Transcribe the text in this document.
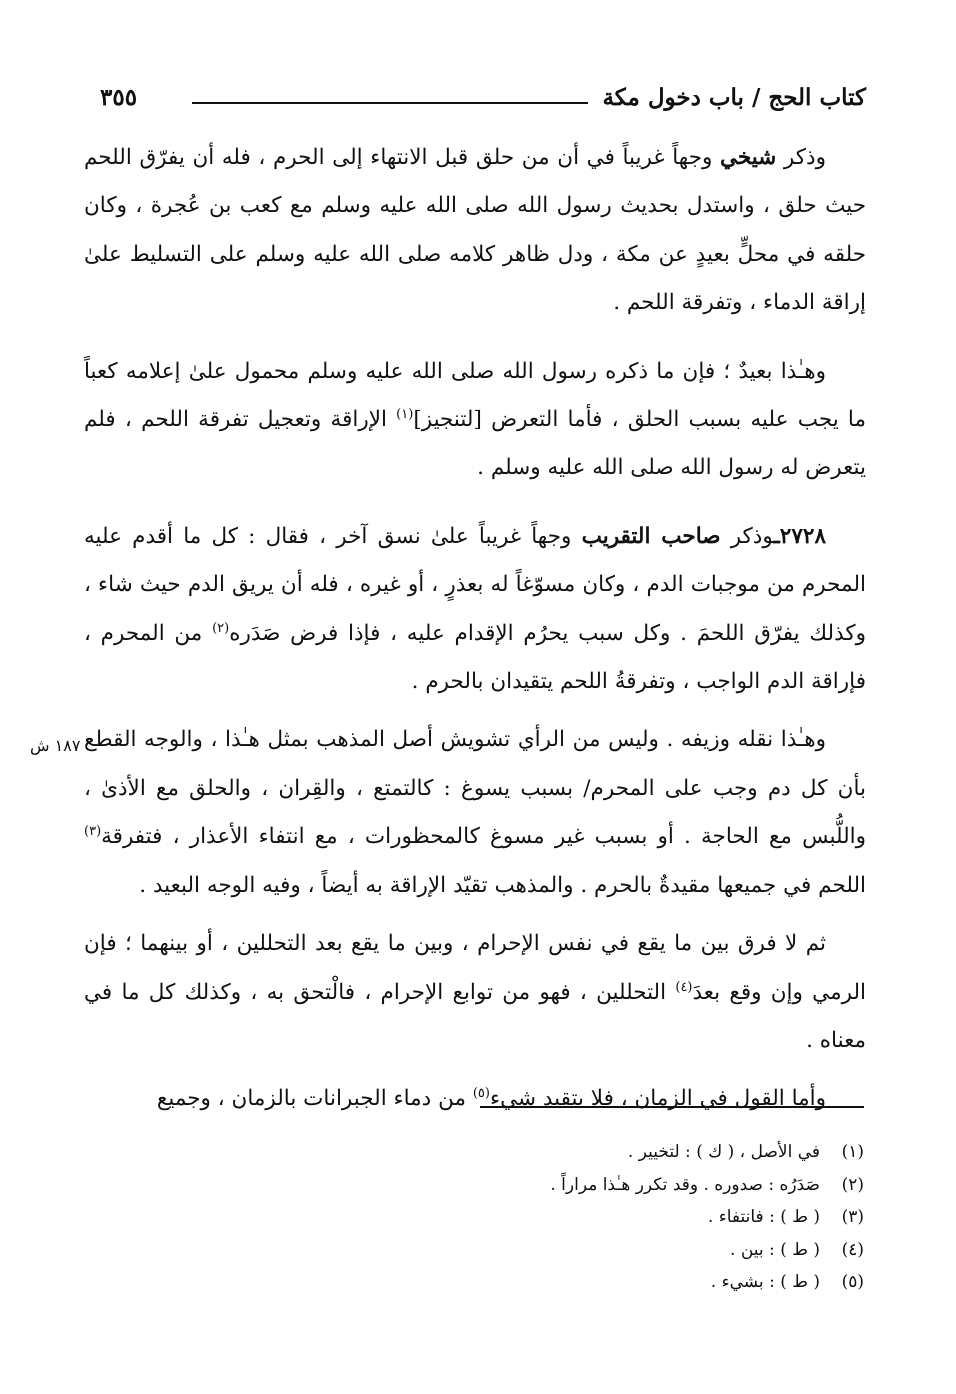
كتاب الحج / باب دخول مكة
٣٥٥

وذكر شيخي وجهاً غريباً في أن من حلق قبل الانتهاء إلى الحرم ، فله أن يفرّق اللحم حيث حلق ، واستدل بحديث رسول الله صلى الله عليه وسلم مع كعب بن عُجرة ، وكان حلقه في محلٍّ بعيدٍ عن مكة ، ودل ظاهر كلامه صلى الله عليه وسلم على التسليط علىٰ إراقة الدماء ، وتفرقة اللحم .

وهـٰذا بعيدٌ ؛ فإن ما ذكره رسول الله صلى الله عليه وسلم محمول علىٰ إعلامه كعباً ما يجب عليه بسبب الحلق ، فأما التعرض [لتنجيز]$^{(١)}$ الإراقة وتعجيل تفرقة اللحم ، فلم يتعرض له رسول الله صلى الله عليه وسلم .

٢٧٢٨ـوذكر صاحب التقريب وجهاً غريباً علىٰ نسق آخر ، فقال : كل ما أقدم عليه المحرم من موجبات الدم ، وكان مسوّغاً له بعذرٍ ، أو غيره ، فله أن يريق الدم حيث شاء ، وكذلك يفرّق اللحمَ . وكل سبب يحرُم الإقدام عليه ، فإذا فرض صَدَره$^{(٢)}$ من المحرم ، فإراقة الدم الواجب ، وتفرقةُ اللحم يتقيدان بالحرم .

وهـٰذا نقله وزيفه . وليس من الرأي تشويش أصل المذهب بمثل هـٰذا ، والوجه القطع بأن كل دم وجب على المحرم/ بسبب يسوغ : كالتمتع ، والقِران ، والحلق مع الأذىٰ ، واللُّبس مع الحاجة . أو بسبب غير مسوغ كالمحظورات ، مع انتفاء الأعذار ، فتفرقة$^{(٣)}$ اللحم في جميعها مقيدةٌ بالحرم . والمذهب تقيّد الإراقة به أيضاً ، وفيه الوجه البعيد .

ثم لا فرق بين ما يقع في نفس الإحرام ، وبين ما يقع بعد التحللين ، أو بينهما ؛ فإن الرمي وإن وقع بعدَ$^{(٤)}$ التحللين ، فهو من توابع الإحرام ، فالْتحق به ، وكذلك كل ما في معناه .

وأما القول في الزمان ، فلا يتقيد شيء$^{(٥)}$ من دماء الجبرانات بالزمان ، وجميع

١٨٧ ش
(١)في الأصل ، ( ك ) : لتخيير .
(٢)صَدَرُه : صدوره . وقد تكرر هـٰذا مراراً .
(٣)( ط ) : فانتفاء .
(٤)( ط ) : بين .
(٥)( ط ) : بشيء .
